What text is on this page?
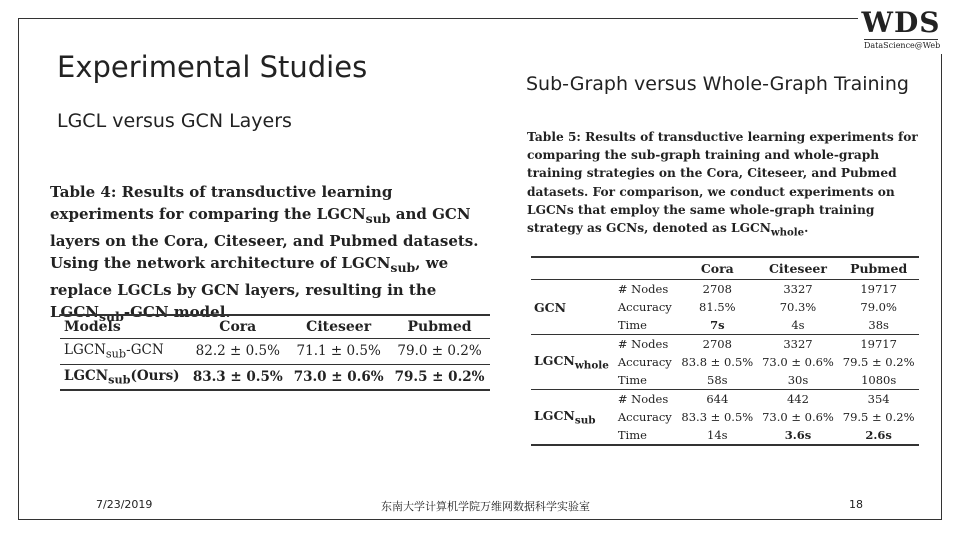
WDS
DataScience@Web
Experimental Studies	Sub-Graph versus Whole-Graph Training
LGCL versus GCN Layers
Table 4: Results of transductive learning experiments for comparing the $LGCN_{sub}$ and GCN layers on the Cora, Citeseer, and Pubmed datasets. Using the network architecture of $LGCN_{sub}$, we replace LGCLs by GCN layers, resulting in the $LGCN_{sub}$-GCN model.
Models	Cora	Citeseer	Pubmed
$LGCN_{sub}$-GCN	82.2 ± 0.5%	71.1 ± 0.5%	79.0 ± 0.2%
$LGCN_{sub}(Ours)$	83.3 ± 0.5%	73.0 ± 0.6%	79.5 ± 0.2%
Table 5: Results of transductive learning experiments for comparing the sub-graph training and whole-graph training strategies on the Cora, Citeseer, and Pubmed datasets. For comparison, we conduct experiments on LGCNs that employ the same whole-graph training strategy as GCNs, denoted as $LGCN_{whole}$.
		Cora	Citeseer	Pubmed
GCN	# Nodes	2708	3327	19717
	Accuracy	81.5%	70.3%	79.0%
	Time	7s	4s	38s
$LGCN_{whole}$	# Nodes	2708	3327	19717
	Accuracy	83.8 ± 0.5%	73.0 ± 0.6%	79.5 ± 0.2%
	Time	58s	30s	1080s
$LGCN_{sub}$	# Nodes	644	442	354
	Accuracy	83.3 ± 0.5%	73.0 ± 0.6%	79.5 ± 0.2%
	Time	14s	3.6s	2.6s
7/23/2019	东南大学计算机学院万维网数据科学实验室	18
